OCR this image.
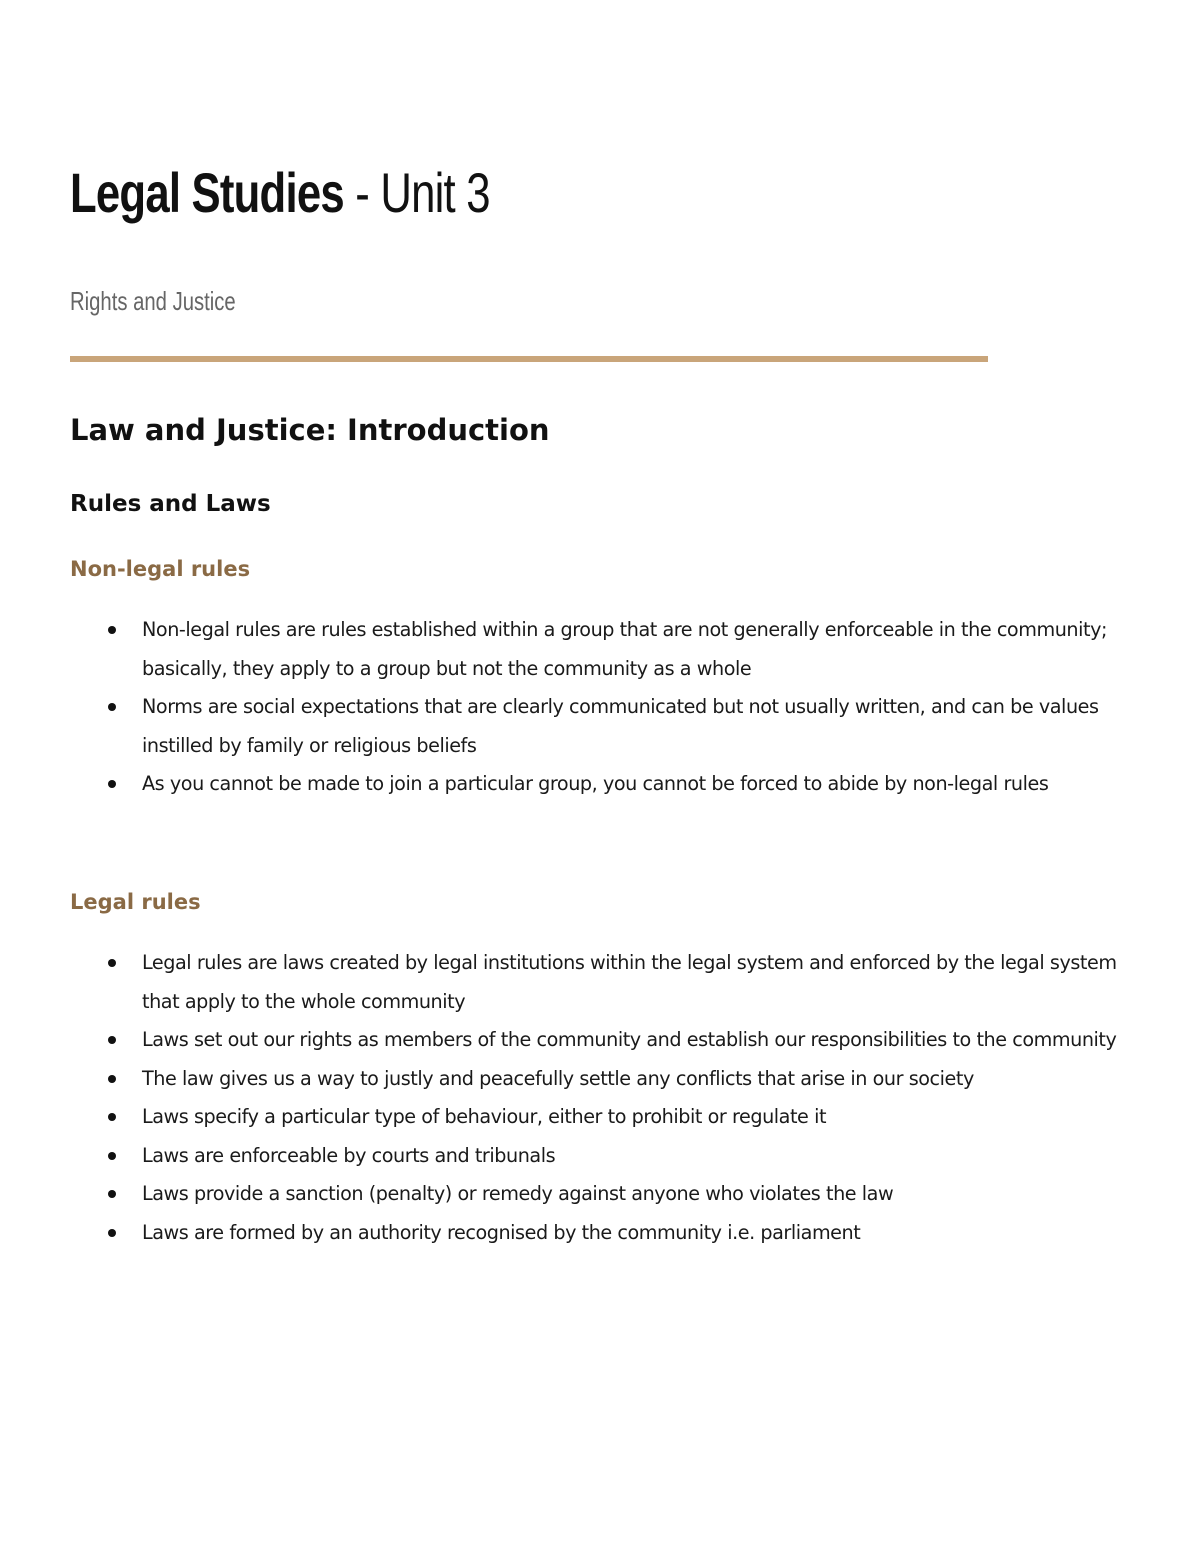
Legal Studies - Unit 3

Rights and Justice

Law and Justice: Introduction
Rules and Laws
Non-legal rules
Non-legal rules are rules established within a group that are not generally enforceable in the community; basically, they apply to a group but not the community as a whole
Norms are social expectations that are clearly communicated but not usually written, and can be values instilled by family or religious beliefs
As you cannot be made to join a particular group, you cannot be forced to abide by non-legal rules
Legal rules
Legal rules are laws created by legal institutions within the legal system and enforced by the legal system that apply to the whole community
Laws set out our rights as members of the community and establish our responsibilities to the community
The law gives us a way to justly and peacefully settle any conflicts that arise in our society
Laws specify a particular type of behaviour, either to prohibit or regulate it
Laws are enforceable by courts and tribunals
Laws provide a sanction (penalty) or remedy against anyone who violates the law
Laws are formed by an authority recognised by the community i.e. parliament
